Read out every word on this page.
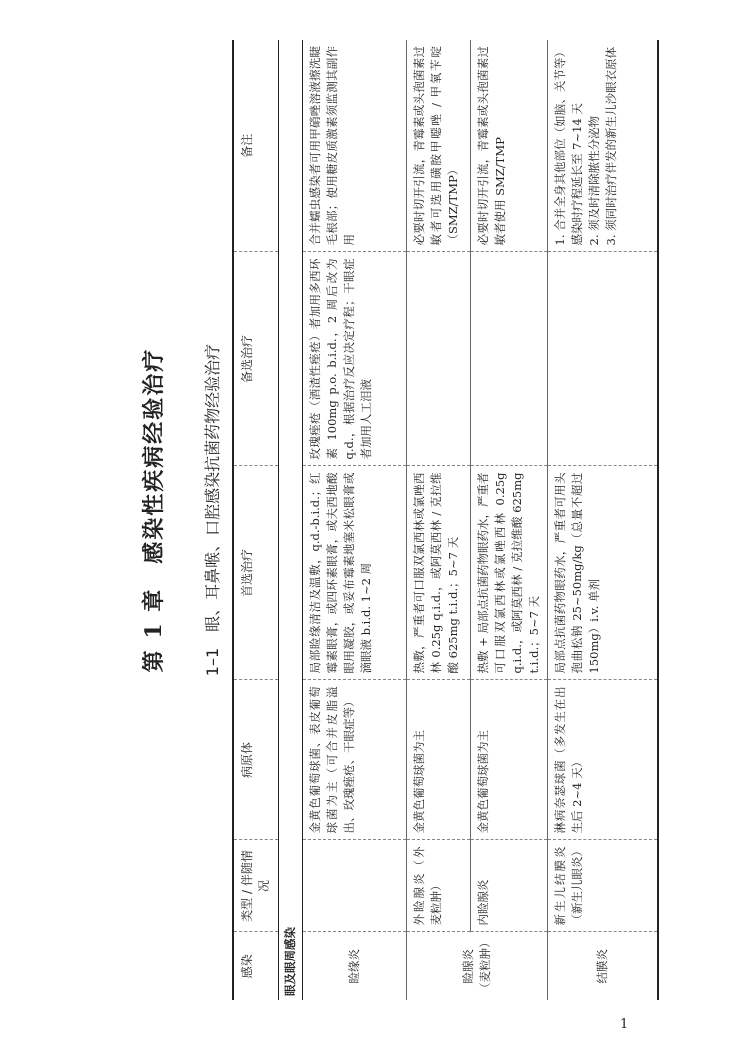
第 1 章　感染性疾病经验治疗 1–1　眼、耳鼻喉、口腔感染抗菌药物经验治疗
感染	类型 / 伴随情况	病原体	首选治疗	备选治疗	备注
眼及眼周感染					
睑缘炎		金黄色葡萄球菌、表皮葡萄球菌为主（可合并皮脂溢出、玫瑰痤疮、干眼症等）	局部睑缘清洁及温敷，q.d.-b.i.d.；红霉素眼膏，或四环素眼膏，或夫西地酸眼用凝胶，或妥布霉素地塞米松眼膏或滴眼液 b.i.d. 1~2 周	玫瑰痤疮（酒渣性痤疮）者加用多西环素 100mg p.o. b.i.d.，2 周后改为 q.d.，根据治疗反应决定疗程；干眼症者加用人工泪液	合并蠕虫感染者可用甲硝唑溶液擦洗睫毛根部；使用糖皮质激素须监测其副作用

睑腺炎（麦粒肿）	外睑腺炎（外麦粒肿）	金黄色葡萄球菌为主	热敷，严重者可口服双氯西林或氯唑西林 0.25g q.i.d.，或阿莫西林 / 克拉维酸 625mg t.i.d.；5~7 天		必要时切开引流，青霉素或头孢菌素过敏者可选用磺胺甲噁唑 / 甲氧苄啶（SMZ/TMP）

	内睑腺炎	金黄色葡萄球菌为主	热敷 + 局部点抗菌药物眼药水，严重者可口服双氯西林或氯唑西林 0.25g q.i.d.，或阿莫西林 / 克拉维酸 625mg t.i.d.；5~7 天		必要时切开引流，青霉素或头孢菌素过敏者使用 SMZ/TMP

结膜炎	新生儿结膜炎（新生儿眼炎）	淋病奈瑟球菌（多发生在出生后 2~4 天）	局部点抗菌药物眼药水，严重者可用头孢曲松钠 25~50mg/kg（总量不超过 150mg）i.v. 单剂		1. 合并全身其他部位（如脑、关节等）感染时疗程延长至 7~14 天 2. 须及时清除脓性分泌物 3. 须同时治疗伴发的新生儿沙眼衣原体
1
